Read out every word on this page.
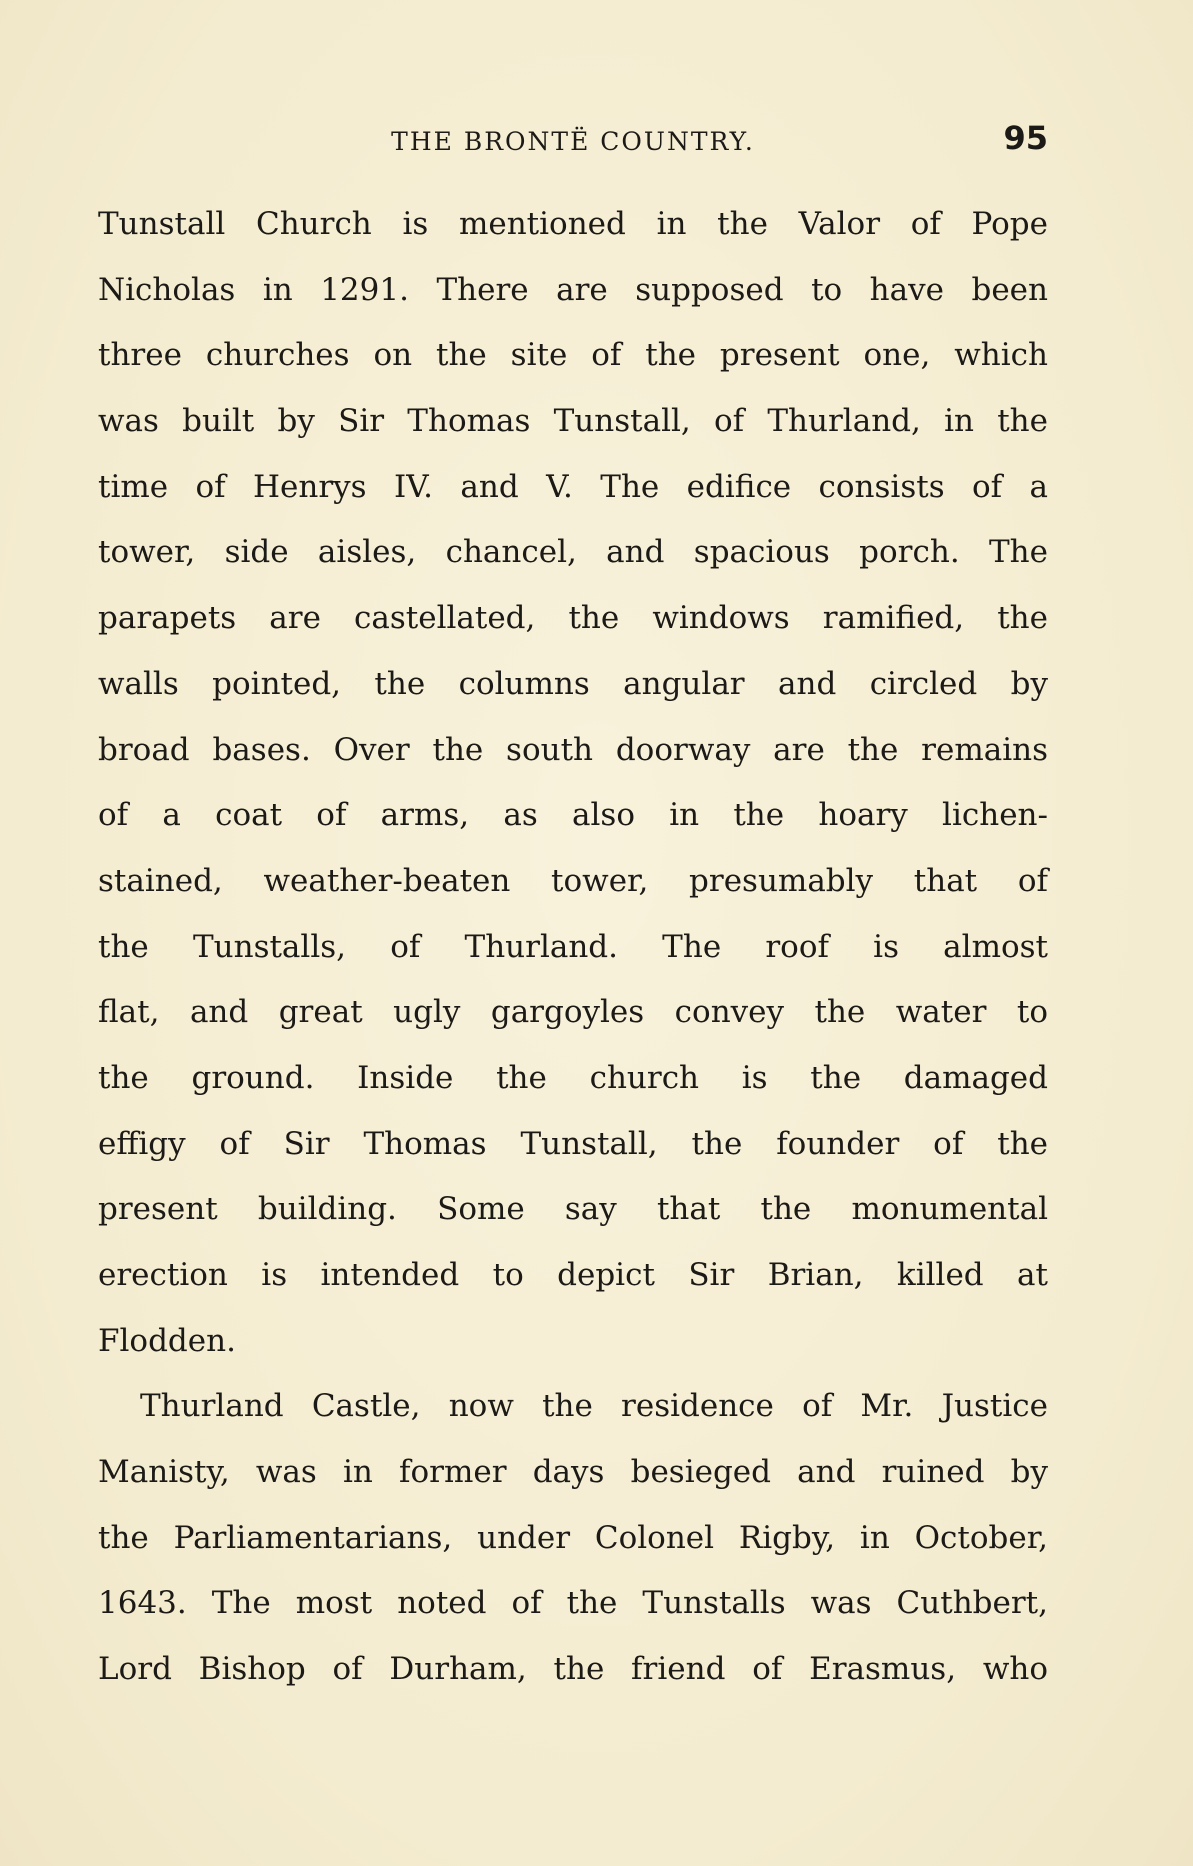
THE BRONTË COUNTRY.	95

Tunstall Church is mentioned in the Valor of Pope
Nicholas in 1291. There are supposed to have been
three churches on the site of the present one, which
was built by Sir Thomas Tunstall, of Thurland, in the
time of Henrys IV. and V. The edifice consists of a
tower, side aisles, chancel, and spacious porch. The
parapets are castellated, the windows ramified, the
walls pointed, the columns angular and circled by
broad bases. Over the south doorway are the remains
of a coat of arms, as also in the hoary lichen-
stained, weather-beaten tower, presumably that of
the Tunstalls, of Thurland. The roof is almost
flat, and great ugly gargoyles convey the water to
the ground. Inside the church is the damaged
effigy of Sir Thomas Tunstall, the founder of the
present building. Some say that the monumental
erection is intended to depict Sir Brian, killed at
Flodden.

Thurland Castle, now the residence of Mr. Justice
Manisty, was in former days besieged and ruined by
the Parliamentarians, under Colonel Rigby, in October,
1643. The most noted of the Tunstalls was Cuthbert,
Lord Bishop of Durham, the friend of Erasmus, who
